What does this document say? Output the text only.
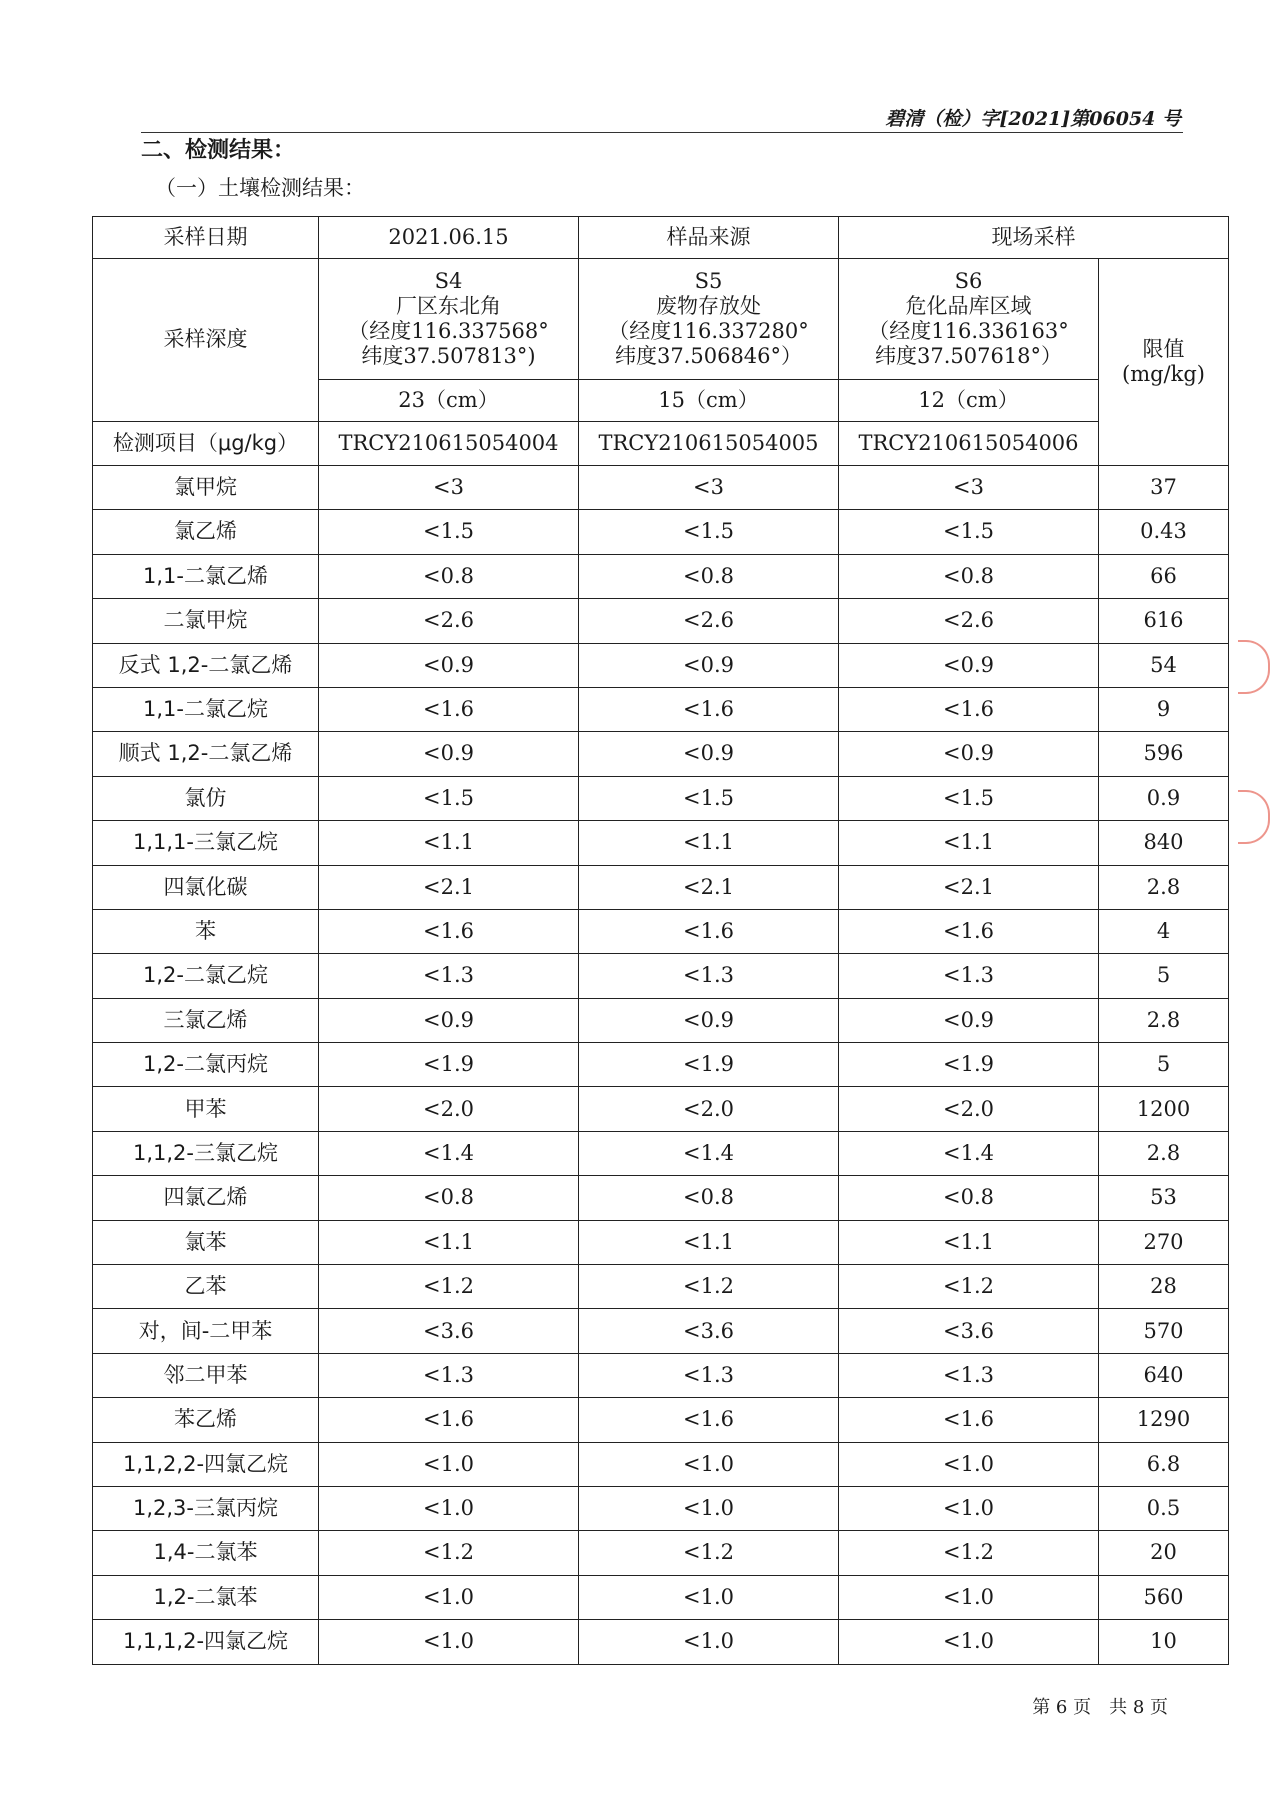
碧清（检）字[2021]第06054 号
二、检测结果：
（一）土壤检测结果：
采样日期	2021.06.15	样品来源	现场采样	
采样深度	S4
厂区东北角
（经度116.337568°
纬度37.507813°)	S5
废物存放处
（经度116.337280°
纬度37.506846°）	S6
危化品库区域
（经度116.336163°
纬度37.507618°）	限值
(mg/kg)

	23（cm）	15（cm）	12（cm）	
检测项目（μg/kg）	TRCY210615054004	TRCY210615054005	TRCY210615054006	
氯甲烷	<3	<3	<3	37
氯乙烯	<1.5	<1.5	<1.5	0.43
1,1-二氯乙烯	<0.8	<0.8	<0.8	66
二氯甲烷	<2.6	<2.6	<2.6	616
反式 1,2-二氯乙烯	<0.9	<0.9	<0.9	54
1,1-二氯乙烷	<1.6	<1.6	<1.6	9
顺式 1,2-二氯乙烯	<0.9	<0.9	<0.9	596
氯仿	<1.5	<1.5	<1.5	0.9
1,1,1-三氯乙烷	<1.1	<1.1	<1.1	840
四氯化碳	<2.1	<2.1	<2.1	2.8
苯	<1.6	<1.6	<1.6	4
1,2-二氯乙烷	<1.3	<1.3	<1.3	5
三氯乙烯	<0.9	<0.9	<0.9	2.8
1,2-二氯丙烷	<1.9	<1.9	<1.9	5
甲苯	<2.0	<2.0	<2.0	1200
1,1,2-三氯乙烷	<1.4	<1.4	<1.4	2.8
四氯乙烯	<0.8	<0.8	<0.8	53
氯苯	<1.1	<1.1	<1.1	270
乙苯	<1.2	<1.2	<1.2	28
对，间-二甲苯	<3.6	<3.6	<3.6	570
邻二甲苯	<1.3	<1.3	<1.3	640
苯乙烯	<1.6	<1.6	<1.6	1290
1,1,2,2-四氯乙烷	<1.0	<1.0	<1.0	6.8
1,2,3-三氯丙烷	<1.0	<1.0	<1.0	0.5
1,4-二氯苯	<1.2	<1.2	<1.2	20
1,2-二氯苯	<1.0	<1.0	<1.0	560
1,1,1,2-四氯乙烷	<1.0	<1.0	<1.0	10
第 6 页　共 8 页
